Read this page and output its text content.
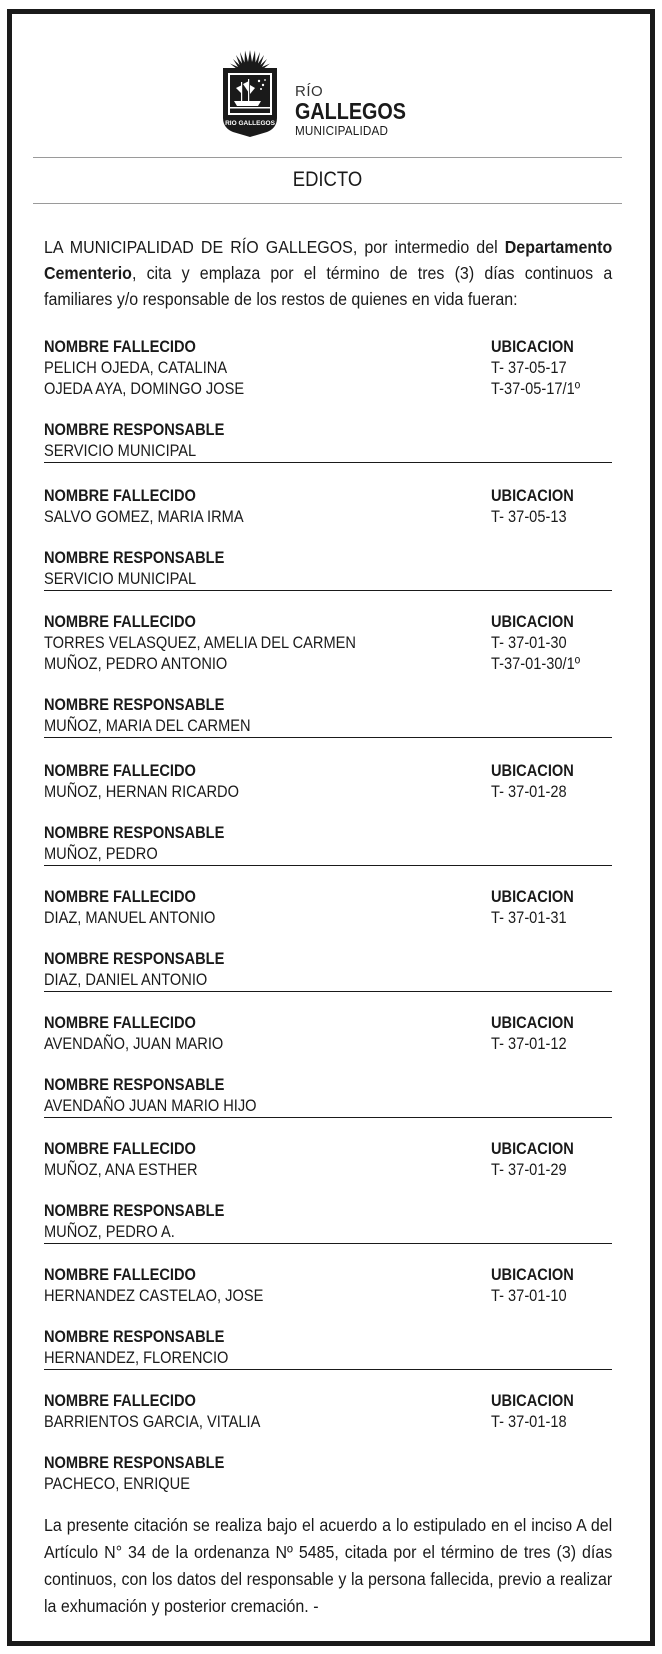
RIO GALLEGOS
RÍO
GALLEGOS
MUNICIPALIDAD
EDICTO
LA MUNICIPALIDAD DE RÍO GALLEGOS, por intermedio del Departamento Cementerio, cita y emplaza por el término de tres (3) días continuos a familiares y/o responsable de los restos de quienes en vida fueran:
NOMBRE FALLECIDO	UBICACION
PELICH OJEDA, CATALINA	T- 37-05-17
OJEDA AYA, DOMINGO JOSE	T-37-05-17/1º
NOMBRE RESPONSABLE
SERVICIO MUNICIPAL
NOMBRE FALLECIDO	UBICACION
SALVO GOMEZ, MARIA IRMA	T- 37-05-13
NOMBRE RESPONSABLE
SERVICIO MUNICIPAL
NOMBRE FALLECIDO	UBICACION
TORRES VELASQUEZ, AMELIA DEL CARMEN	T- 37-01-30
MUÑOZ, PEDRO ANTONIO	T-37-01-30/1º
NOMBRE RESPONSABLE
MUÑOZ, MARIA DEL CARMEN
NOMBRE FALLECIDO	UBICACION
MUÑOZ, HERNAN RICARDO	T- 37-01-28
NOMBRE RESPONSABLE
MUÑOZ, PEDRO
NOMBRE FALLECIDO	UBICACION
DIAZ, MANUEL ANTONIO	T- 37-01-31
NOMBRE RESPONSABLE
DIAZ, DANIEL ANTONIO
NOMBRE FALLECIDO	UBICACION
AVENDAÑO, JUAN MARIO	T- 37-01-12
NOMBRE RESPONSABLE
AVENDAÑO JUAN MARIO HIJO
NOMBRE FALLECIDO	UBICACION
MUÑOZ, ANA ESTHER	T- 37-01-29
NOMBRE RESPONSABLE
MUÑOZ, PEDRO A.
NOMBRE FALLECIDO	UBICACION
HERNANDEZ CASTELAO, JOSE	T- 37-01-10
NOMBRE RESPONSABLE
HERNANDEZ, FLORENCIO
NOMBRE FALLECIDO	UBICACION
BARRIENTOS GARCIA, VITALIA	T- 37-01-18
NOMBRE RESPONSABLE
PACHECO, ENRIQUE
La presente citación se realiza bajo el acuerdo a lo estipulado en el inciso A del Artículo N° 34 de la ordenanza Nº 5485, citada por el término de tres (3) días continuos, con los datos del responsable y la persona fallecida, previo a realizar la exhumación y posterior cremación. -
